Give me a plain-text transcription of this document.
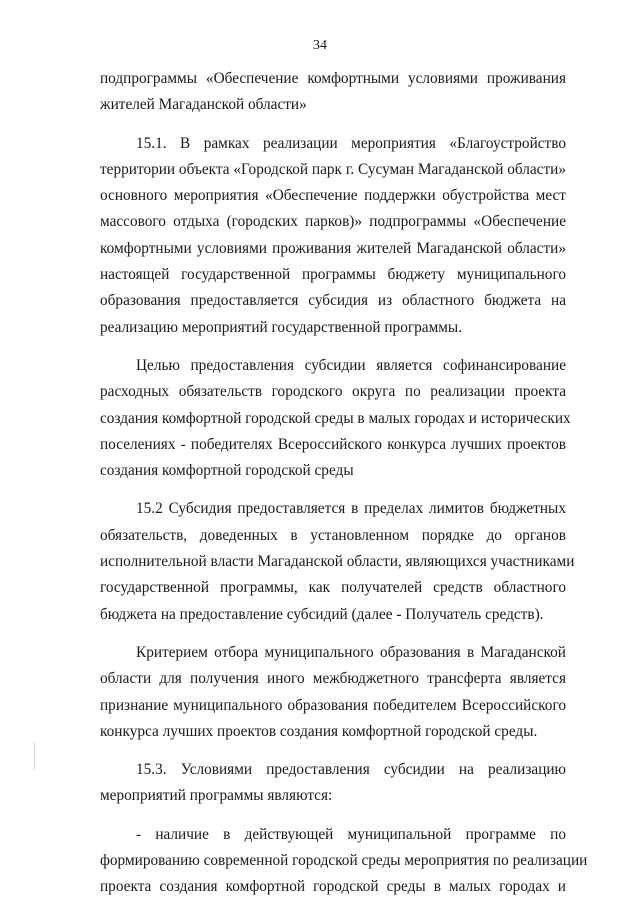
34
подпрограммы «Обеспечение комфортными условиями проживания
жителей Магаданской области»
15.1. В рамках реализации мероприятия «Благоустройство
территории объекта «Городской парк г. Сусуман Магаданской области»
основного мероприятия «Обеспечение поддержки обустройства мест
массового отдыха (городских парков)» подпрограммы «Обеспечение
комфортными условиями проживания жителей Магаданской области»
настоящей государственной программы бюджету муниципального
образования предоставляется субсидия из областного бюджета на
реализацию мероприятий государственной программы.
Целью предоставления субсидии является софинансирование
расходных обязательств городского округа по реализации проекта
создания комфортной городской среды в малых городах и исторических
поселениях - победителях Всероссийского конкурса лучших проектов
создания комфортной городской среды
15.2 Субсидия предоставляется в пределах лимитов бюджетных
обязательств, доведенных в установленном порядке до органов
исполнительной власти Магаданской области, являющихся участниками
государственной программы, как получателей средств областного
бюджета на предоставление субсидий (далее - Получатель средств).
Критерием отбора муниципального образования в Магаданской
области для получения иного межбюджетного трансферта является
признание муниципального образования победителем Всероссийского
конкурса лучших проектов создания комфортной городской среды.
15.3. Условиями предоставления субсидии на реализацию
мероприятий программы являются:
- наличие в действующей муниципальной программе по
формированию современной городской среды мероприятия по реализации
проекта создания комфортной городской среды в малых городах и
